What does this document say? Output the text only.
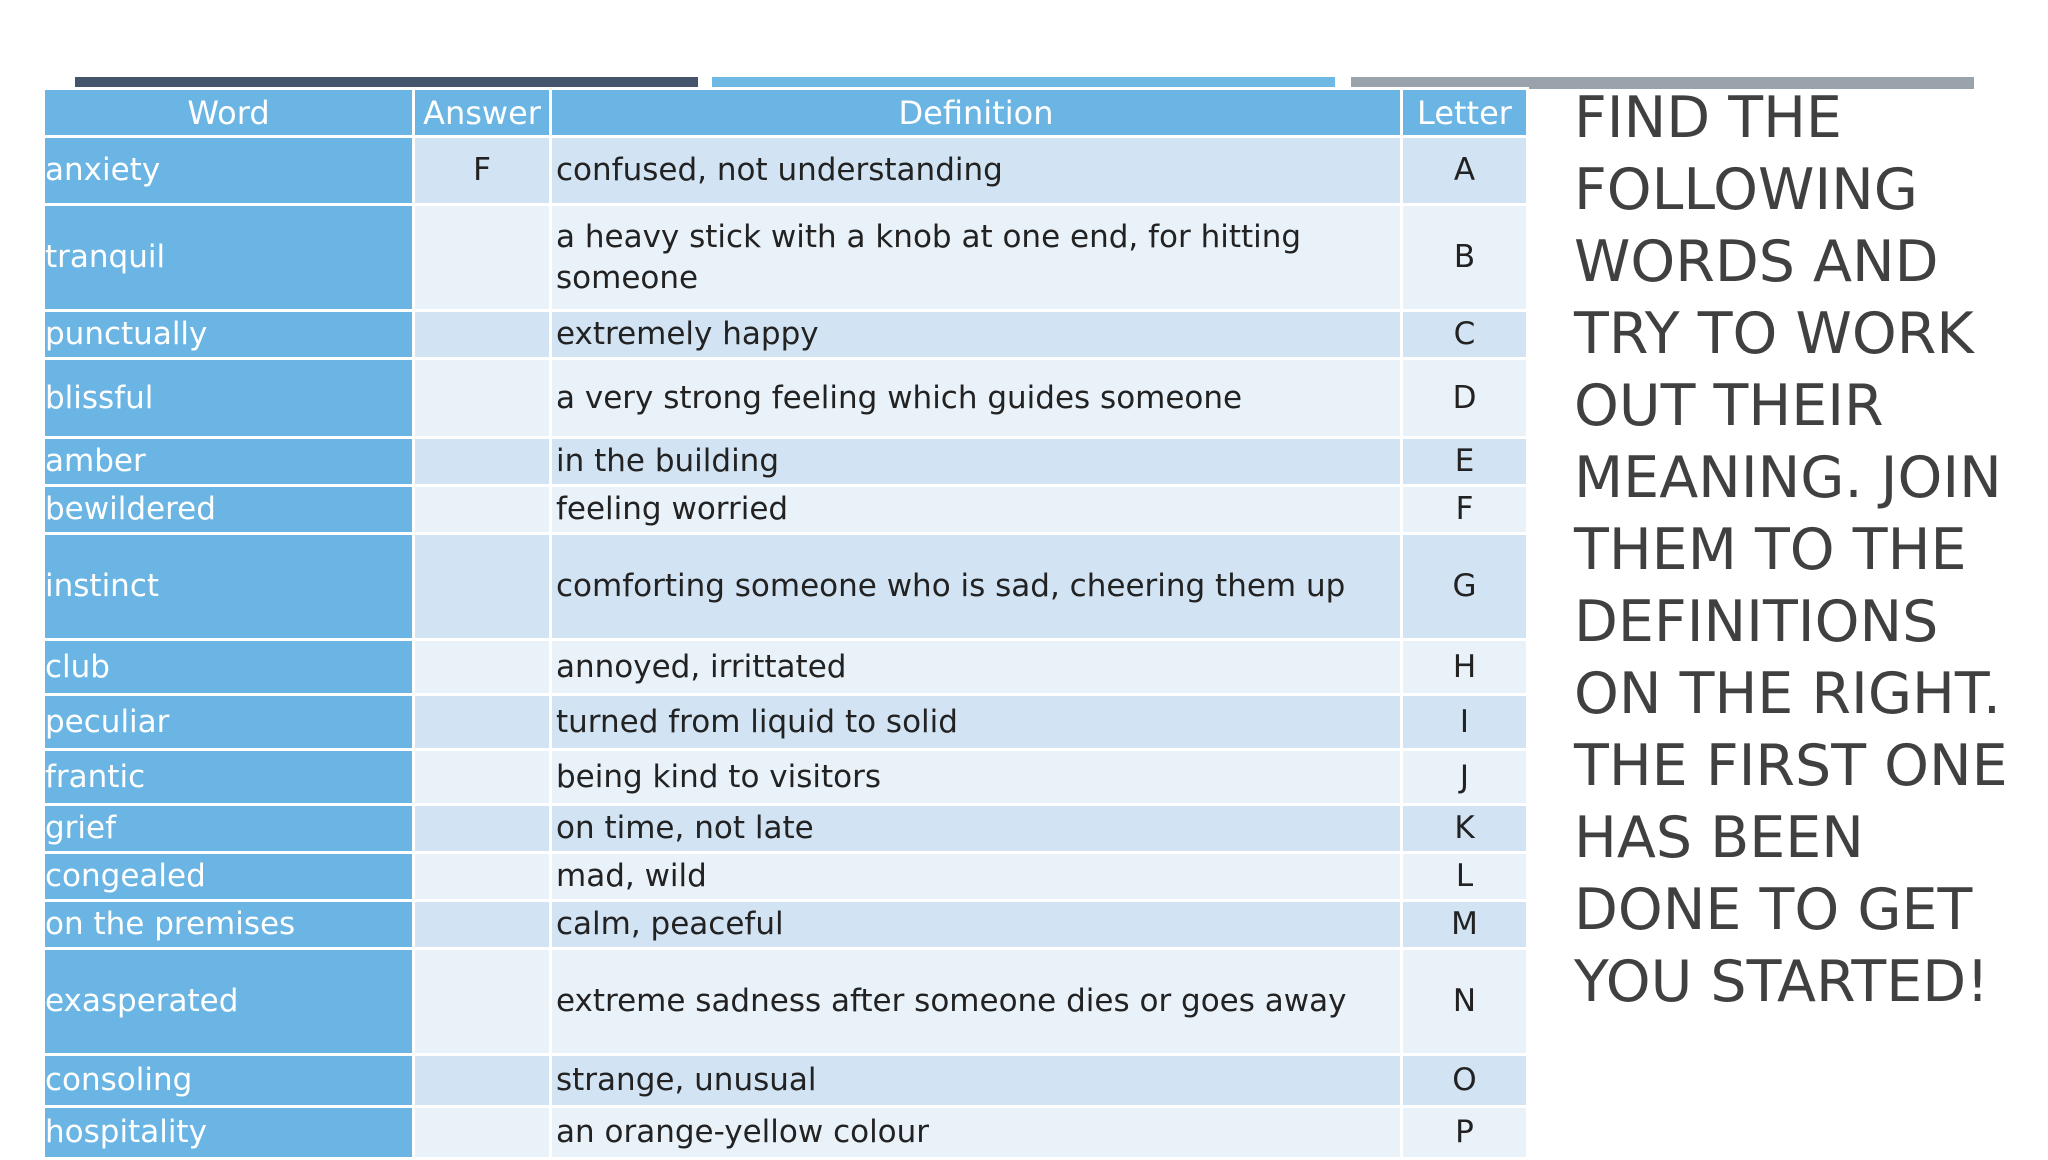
Word	Answer	Definition	Letter
anxiety	F	confused, not understanding	A
tranquil		a heavy stick with a knob at one end, for hitting someone	B
punctually		extremely happy	C
blissful		a very strong feeling which guides someone	D
amber		in the building	E
bewildered		feeling worried	F
instinct		comforting someone who is sad, cheering them up	G
club		annoyed, irrittated	H
peculiar		turned from liquid to solid	I
frantic		being kind to visitors	J
grief		on time, not late	K
congealed		mad, wild	L
on the premises		calm, peaceful	M
exasperated		extreme sadness after someone dies or goes away	N
consoling		strange, unusual	O
hospitality		an orange-yellow colour	P

FIND THE FOLLOWING WORDS AND TRY TO WORK OUT THEIR MEANING. JOIN THEM TO THE DEFINITIONS ON THE RIGHT. THE FIRST ONE HAS BEEN DONE TO GET YOU STARTED!
